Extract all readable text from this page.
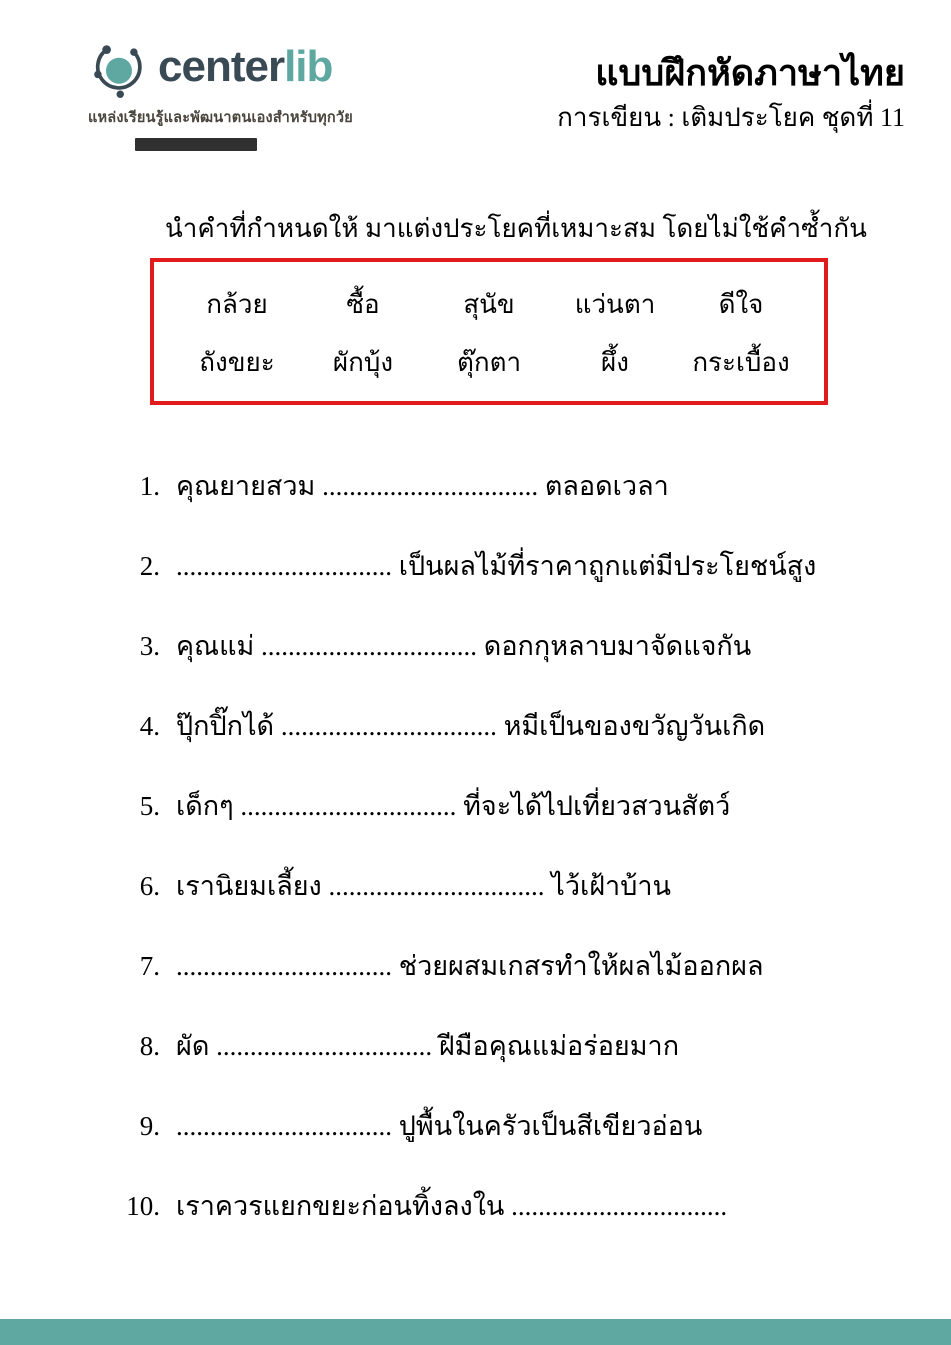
centerlib
แหล่งเรียนรู้และพัฒนาตนเองสำหรับทุกวัย
แบบฝึกหัดภาษาไทย
การเขียน : เติมประโยค ชุดที่ 11
นำคำที่กำหนดให้ มาแต่งประโยคที่เหมาะสม โดยไม่ใช้คำซ้ำกัน
กล้วย	ซื้อ	สุนัข	แว่นตา	ดีใจ
ถังขยะ	ผักบุ้ง	ตุ๊กตา	ผึ้ง	กระเบื้อง
1. คุณยายสวม ................................ ตลอดเวลา
2. ................................ เป็นผลไม้ที่ราคาถูกแต่มีประโยชน์สูง
3. คุณแม่ ................................ ดอกกุหลาบมาจัดแจกัน
4. ปุ๊กปิ๊กได้ ................................ หมีเป็นของขวัญวันเกิด
5. เด็กๆ ................................ ที่จะได้ไปเที่ยวสวนสัตว์
6. เรานิยมเลี้ยง ................................ ไว้เฝ้าบ้าน
7. ................................ ช่วยผสมเกสรทำให้ผลไม้ออกผล
8. ผัด ................................ ฝีมือคุณแม่อร่อยมาก
9. ................................ ปูพื้นในครัวเป็นสีเขียวอ่อน
10. เราควรแยกขยะก่อนทิ้งลงใน ................................
